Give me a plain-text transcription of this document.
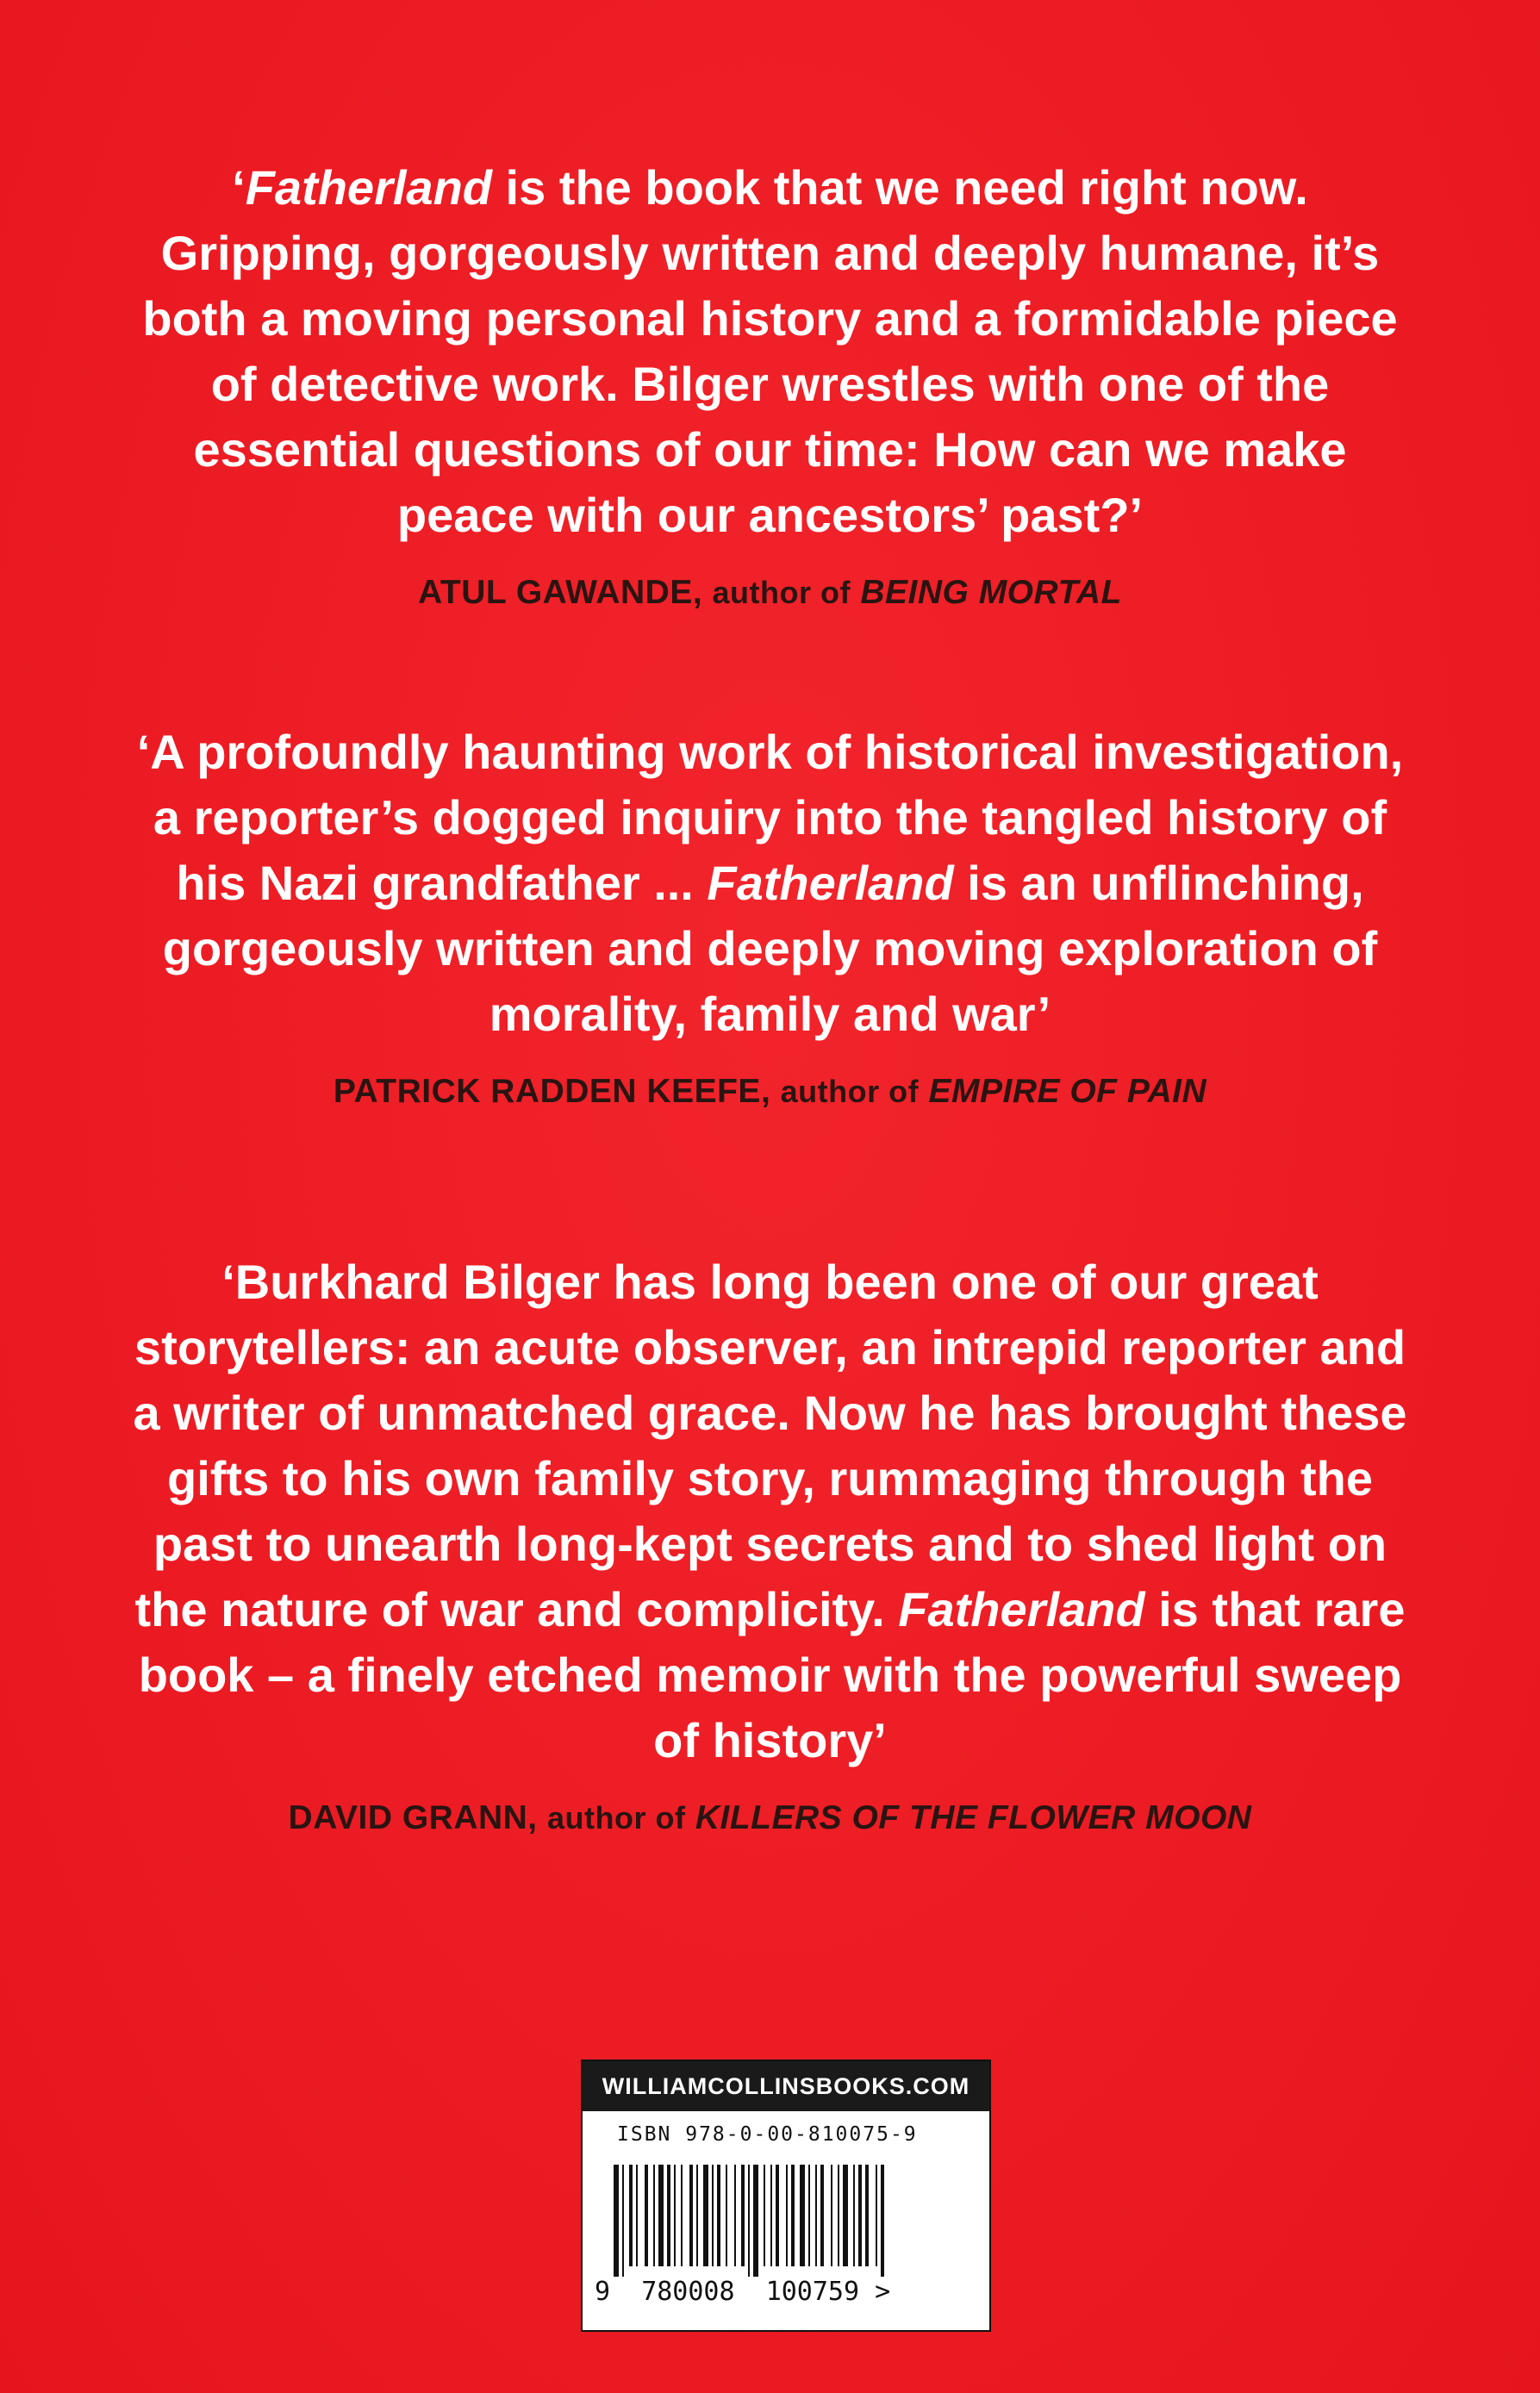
‘Fatherland is the book that we need right now. Gripping, gorgeously written and deeply humane, it’s both a moving personal history and a formidable piece of detective work. Bilger wrestles with one of the essential questions of our time: How can we make peace with our ancestors’ past?’

ATUL GAWANDE, author of BEING MORTAL

‘A profoundly haunting work of historical investigation, a reporter’s dogged inquiry into the tangled history of his Nazi grandfather ... Fatherland is an unflinching, gorgeously written and deeply moving exploration of morality, family and war’

PATRICK RADDEN KEEFE, author of EMPIRE OF PAIN

‘Burkhard Bilger has long been one of our great storytellers: an acute observer, an intrepid reporter and a writer of unmatched grace. Now he has brought these gifts to his own family story, rummaging through the past to unearth long-kept secrets and to shed light on the nature of war and complicity. Fatherland is that rare book – a finely etched memoir with the powerful sweep of history’

DAVID GRANN, author of KILLERS OF THE FLOWER MOON
WILLIAMCOLLINSBOOKS.COM
ISBN 978-0-00-810075-9
9 780008 100759 >
